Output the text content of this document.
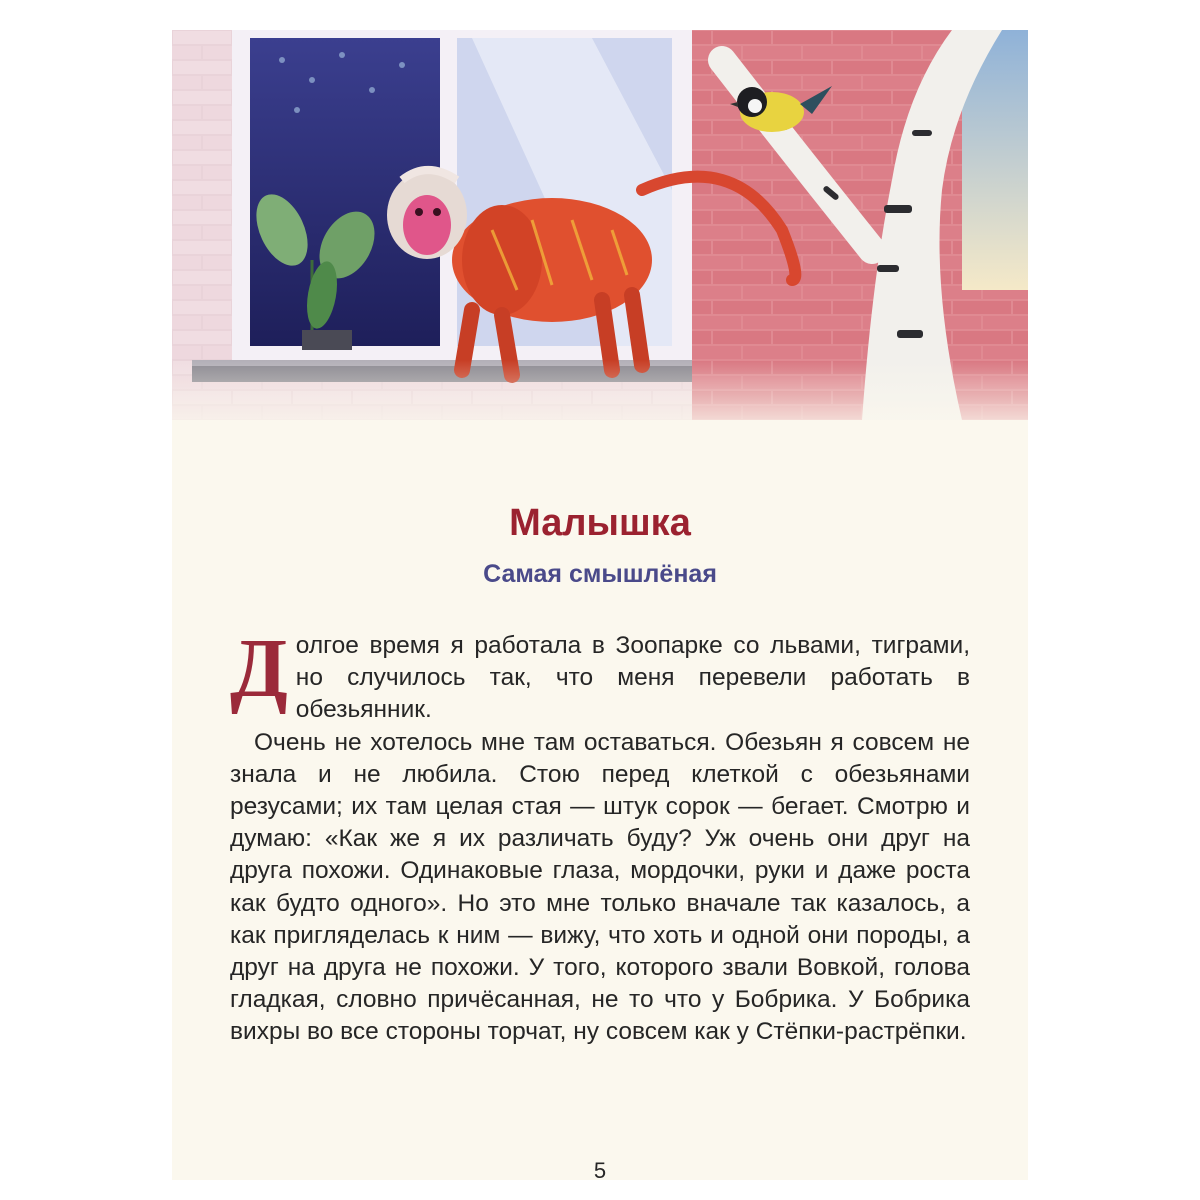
Малышка
Самая смышлёная

Долгое время я работала в Зоопарке со львами, тиграми, но случилось так, что меня перевели работать в обезьянник.

Очень не хотелось мне там оставаться. Обезьян я совсем не знала и не любила. Стою перед клеткой с обезьянами резусами; их там целая стая — штук сорок — бегает. Смотрю и думаю: «Как же я их различать буду? Уж очень они друг на друга похожи. Одинаковые глаза, мордочки, руки и даже роста как будто одного». Но это мне только вначале так казалось, а как пригляделась к ним — вижу, что хоть и одной они породы, а друг на друга не похожи. У того, которого звали Вовкой, голова гладкая, словно причёсанная, не то что у Бобрика. У Бобрика вихры во все стороны торчат, ну совсем как у Стёпки-растрёпки.

5
